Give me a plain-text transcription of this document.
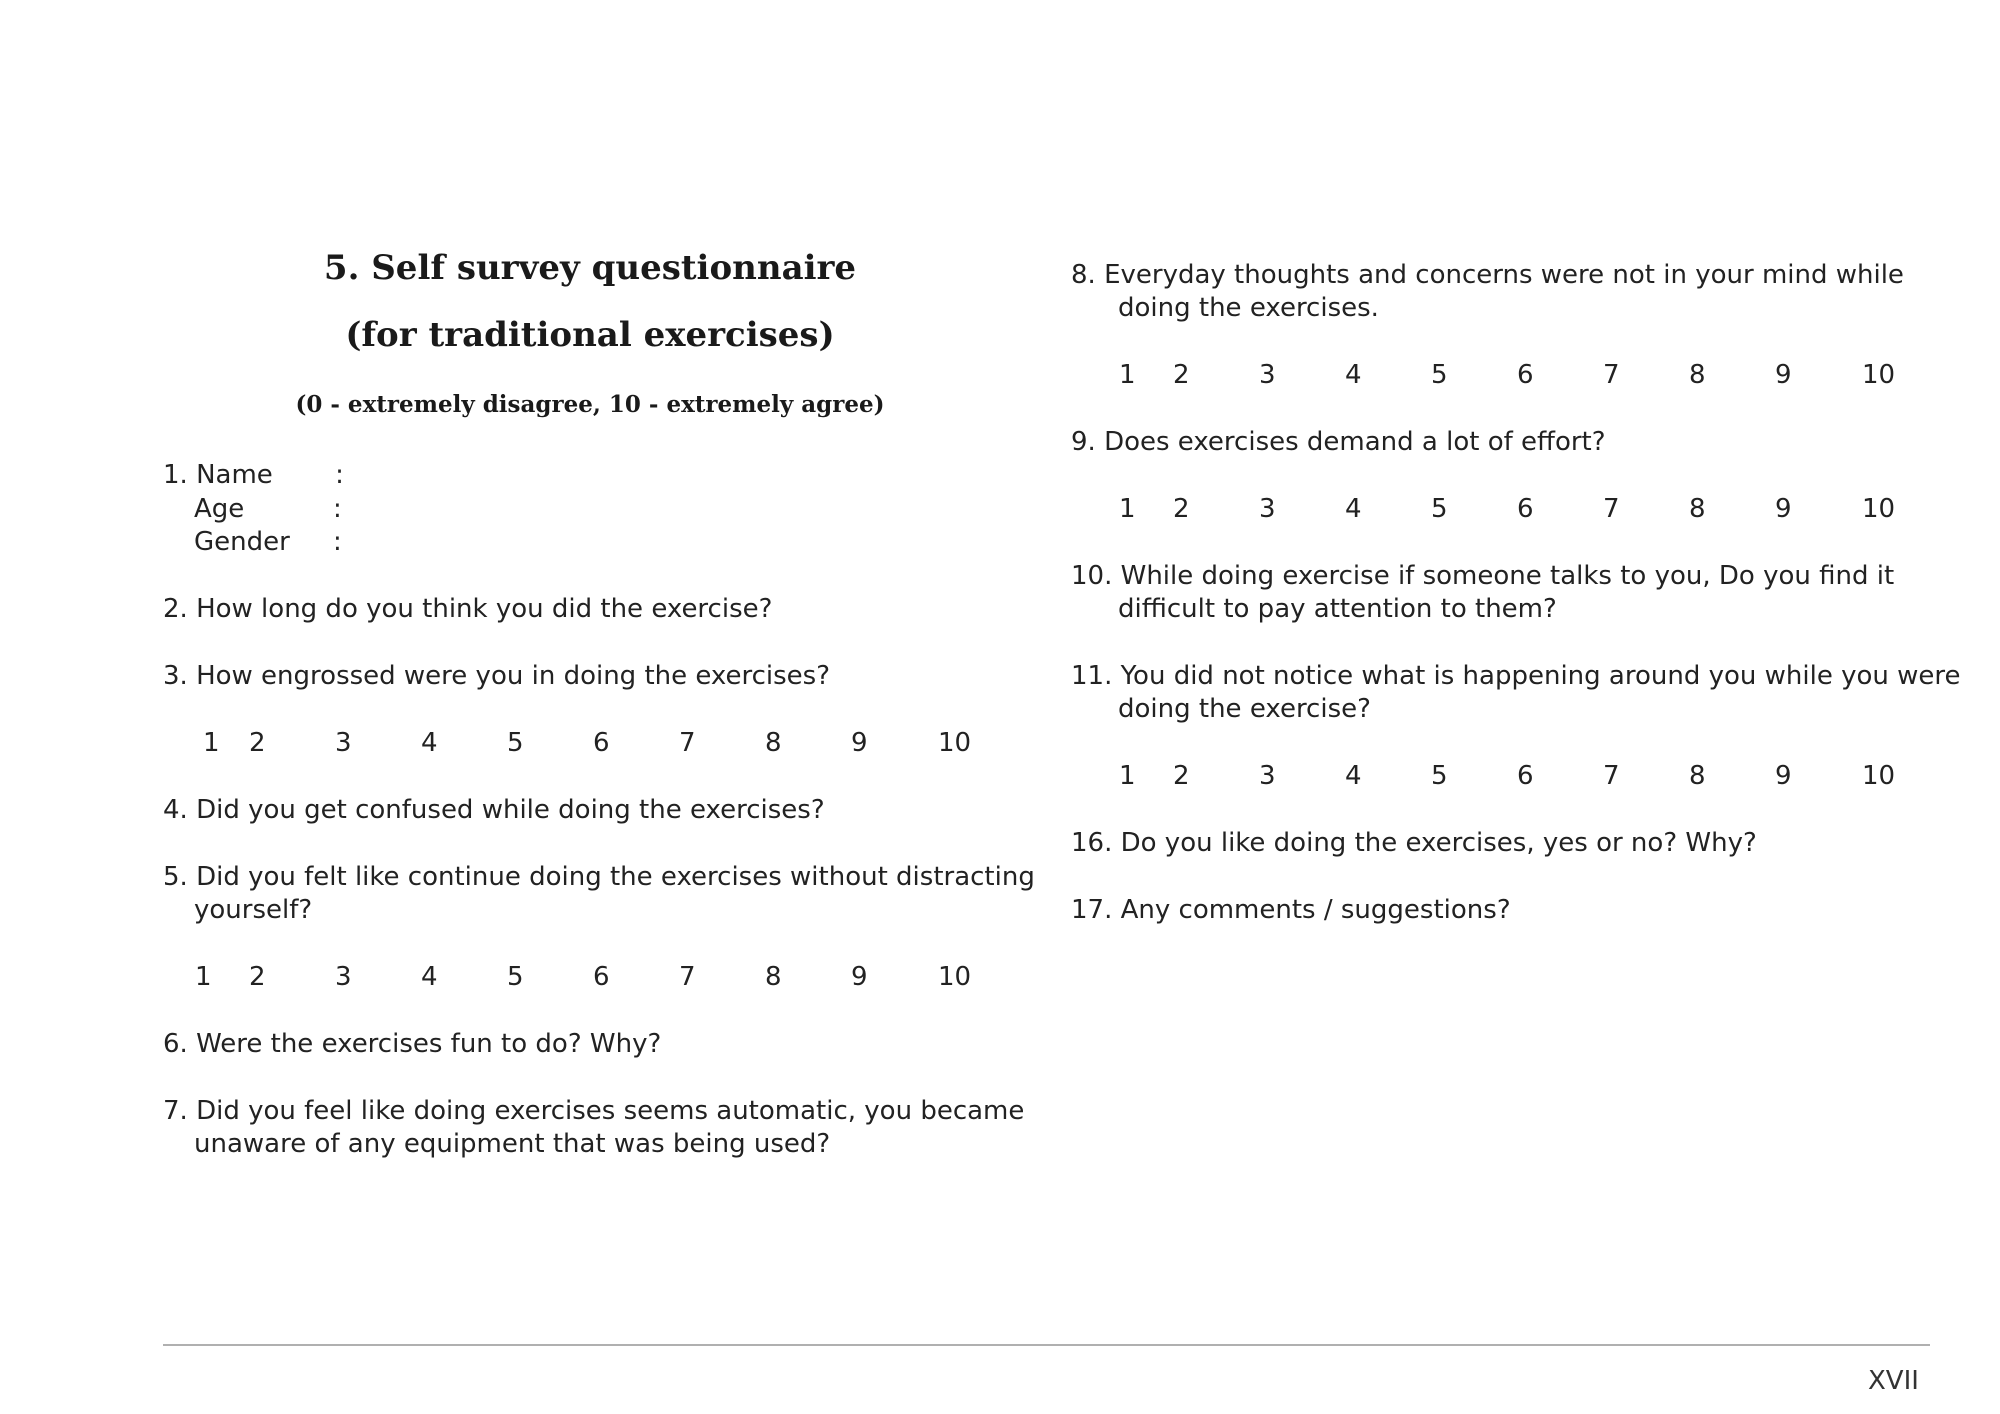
5. Self survey questionnaire
(for traditional exercises)
(0 - extremely disagree, 10 - extremely agree)
1. Name :
Age	:
Gender :
2. How long do you think you did the exercise?
3. How engrossed were you in doing the exercises?
1 2	3	4	5	6	7	8	9	10
4. Did you get confused while doing the exercises?
5. Did you felt like continue doing the exercises without distracting
yourself?
1 2	3	4	5	6	7	8	9	10
6. Were the exercises fun to do? Why?
7. Did you feel like doing exercises seems automatic, you became
unaware of any equipment that was being used?
8. Everyday thoughts and concerns were not in your mind while
doing the exercises.
1 2	3	4	5	6	7	8	9	10
9. Does exercises demand a lot of effort?
1 2	3	4	5	6	7	8	9	10
10. While doing exercise if someone talks to you, Do you find it
difficult to pay attention to them?
11. You did not notice what is happening around you while you were
doing the exercise?
1 2	3	4	5	6	7	8	9	10
16. Do you like doing the exercises, yes or no? Why?
17. Any comments / suggestions?
XVII
